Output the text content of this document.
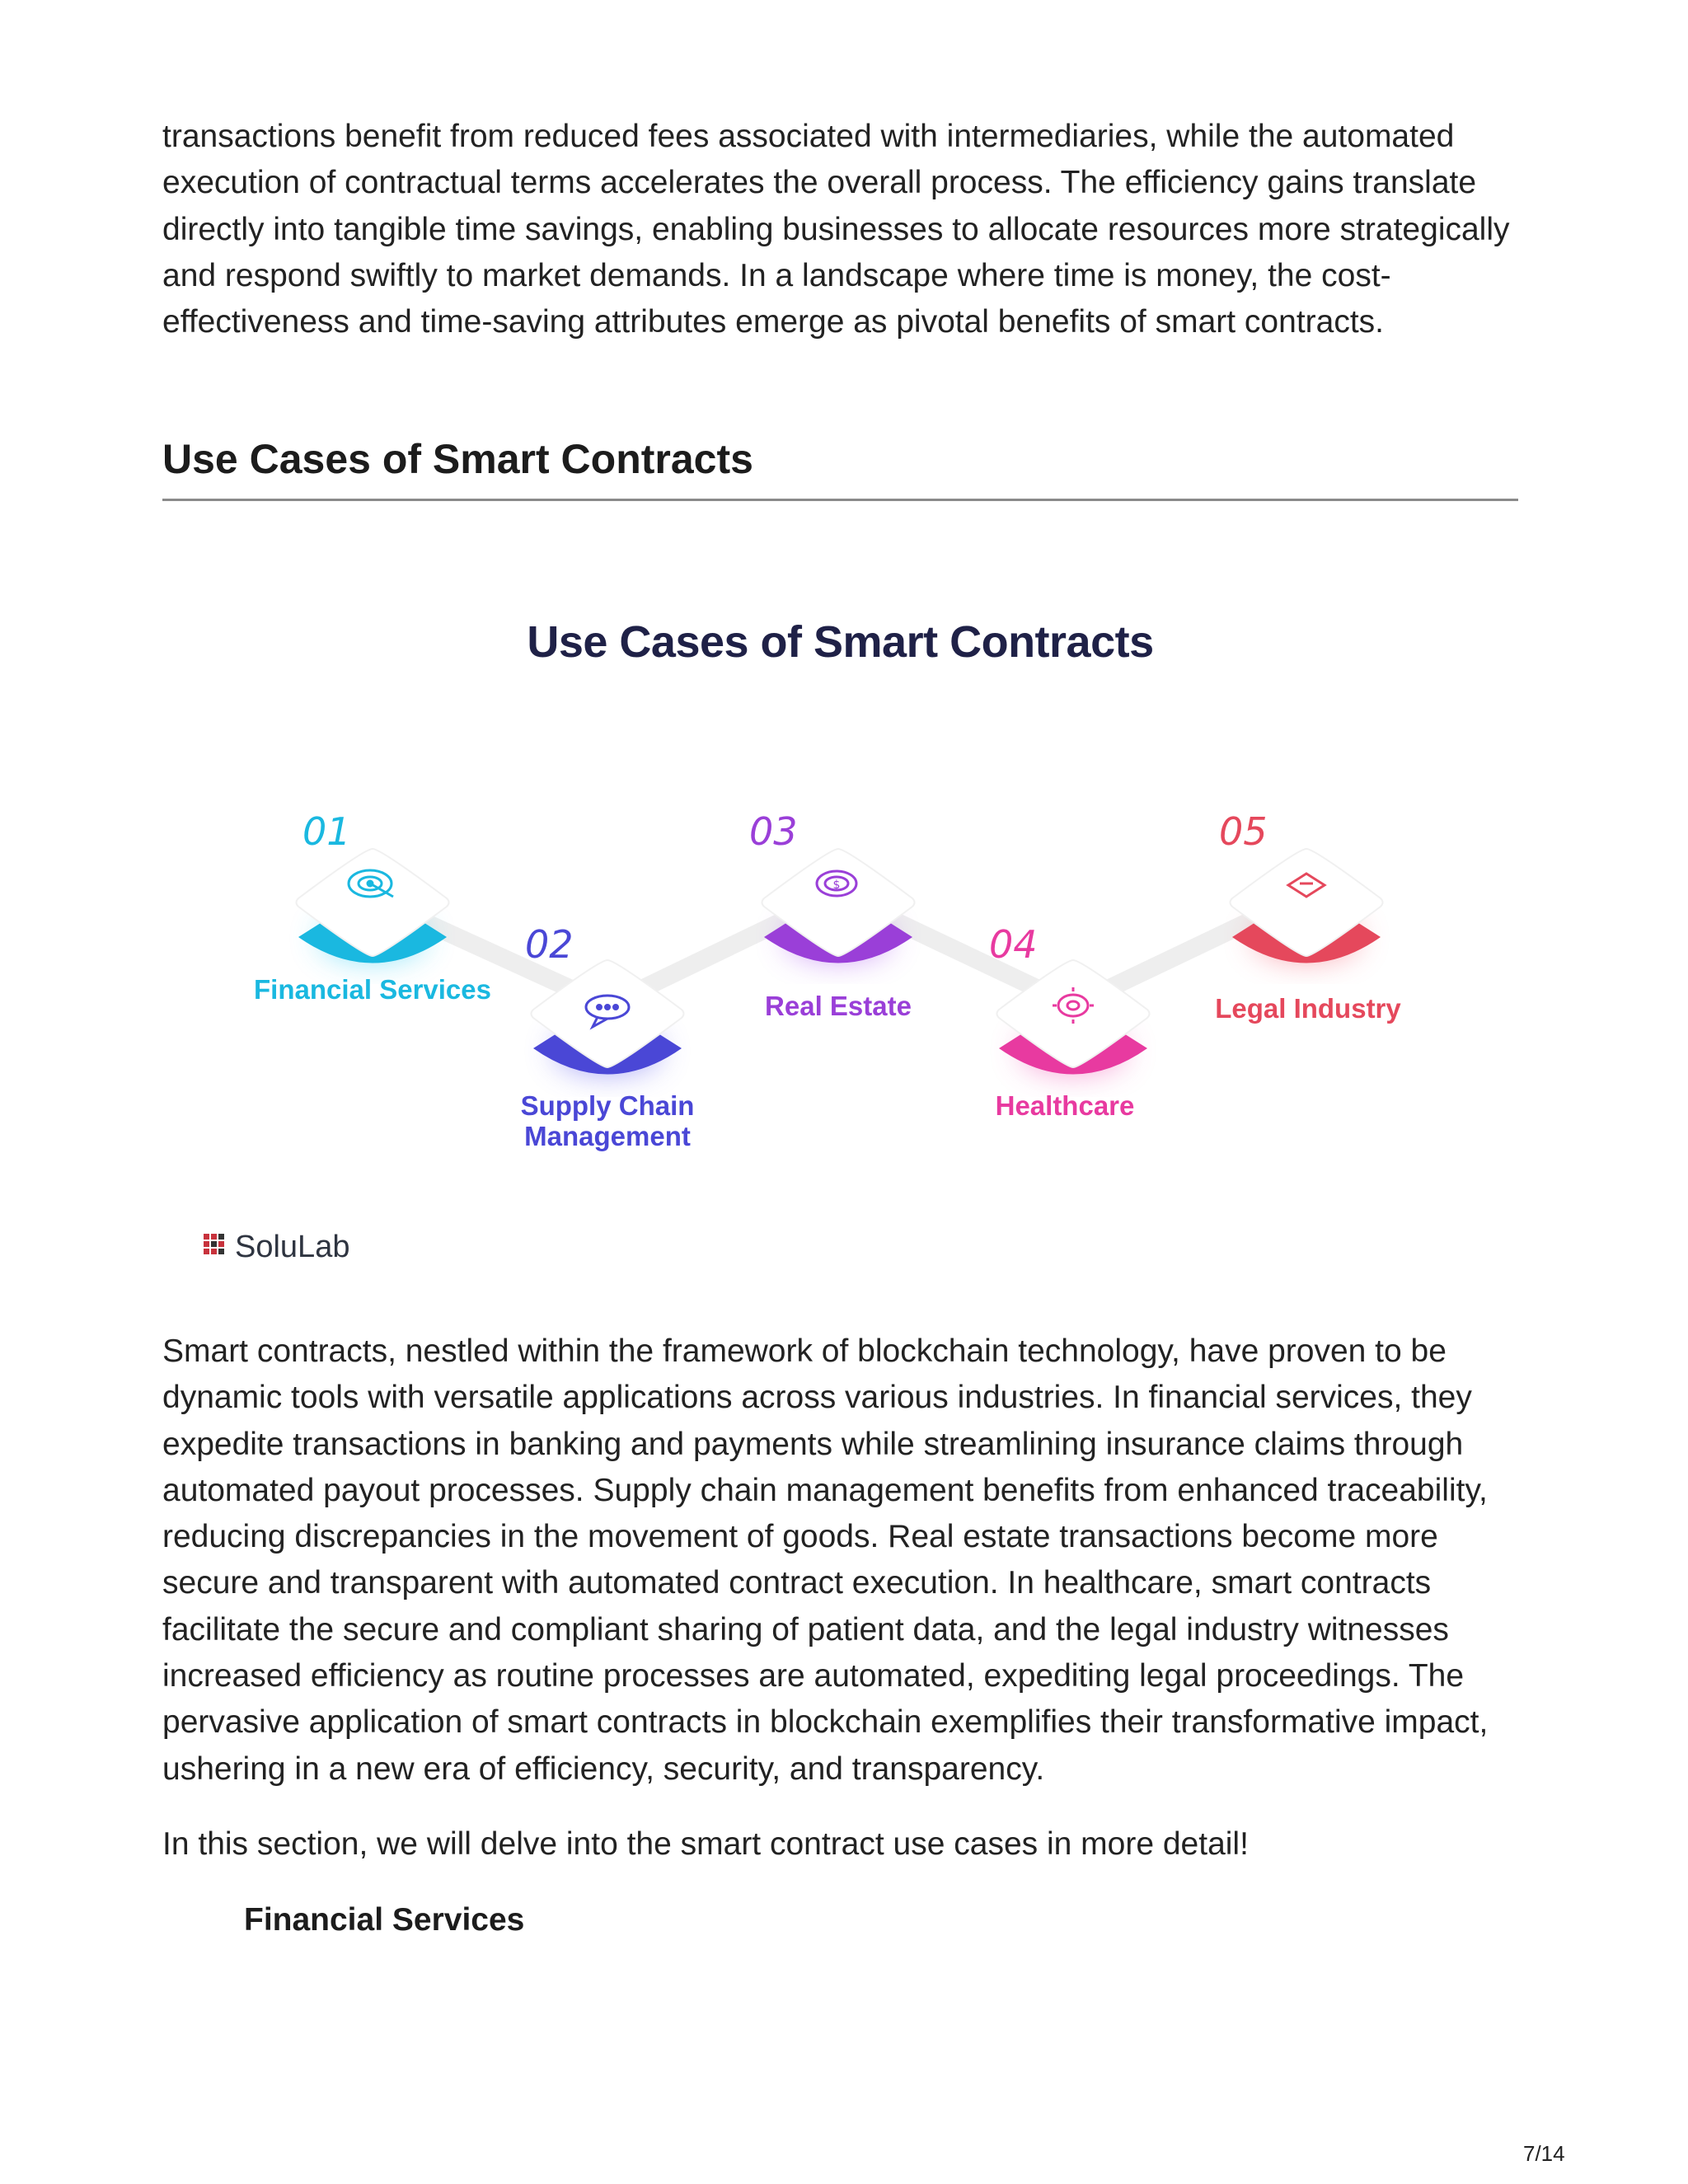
transactions benefit from reduced fees associated with intermediaries, while the automated execution of contractual terms accelerates the overall process. The efficiency gains translate directly into tangible time savings, enabling businesses to allocate resources more strategically and respond swiftly to market demands. In a landscape where time is money, the cost-effectiveness and time-saving attributes emerge as pivotal benefits of smart contracts.

Use Cases of Smart Contracts
Use Cases of Smart Contracts
01
Financial Services
02
Supply Chain
Management
$
03
Real Estate
04
Healthcare
05
Legal Industry
SoluLab

Smart contracts, nestled within the framework of blockchain technology, have proven to be dynamic tools with versatile applications across various industries. In financial services, they expedite transactions in banking and payments while streamlining insurance claims through automated payout processes. Supply chain management benefits from enhanced traceability, reducing discrepancies in the movement of goods. Real estate transactions become more secure and transparent with automated contract execution. In healthcare, smart contracts facilitate the secure and compliant sharing of patient data, and the legal industry witnesses increased efficiency as routine processes are automated, expediting legal proceedings. The pervasive application of smart contracts in blockchain exemplifies their transformative impact, ushering in a new era of efficiency, security, and transparency.

In this section, we will delve into the smart contract use cases in more detail!

Financial Services
7/14
